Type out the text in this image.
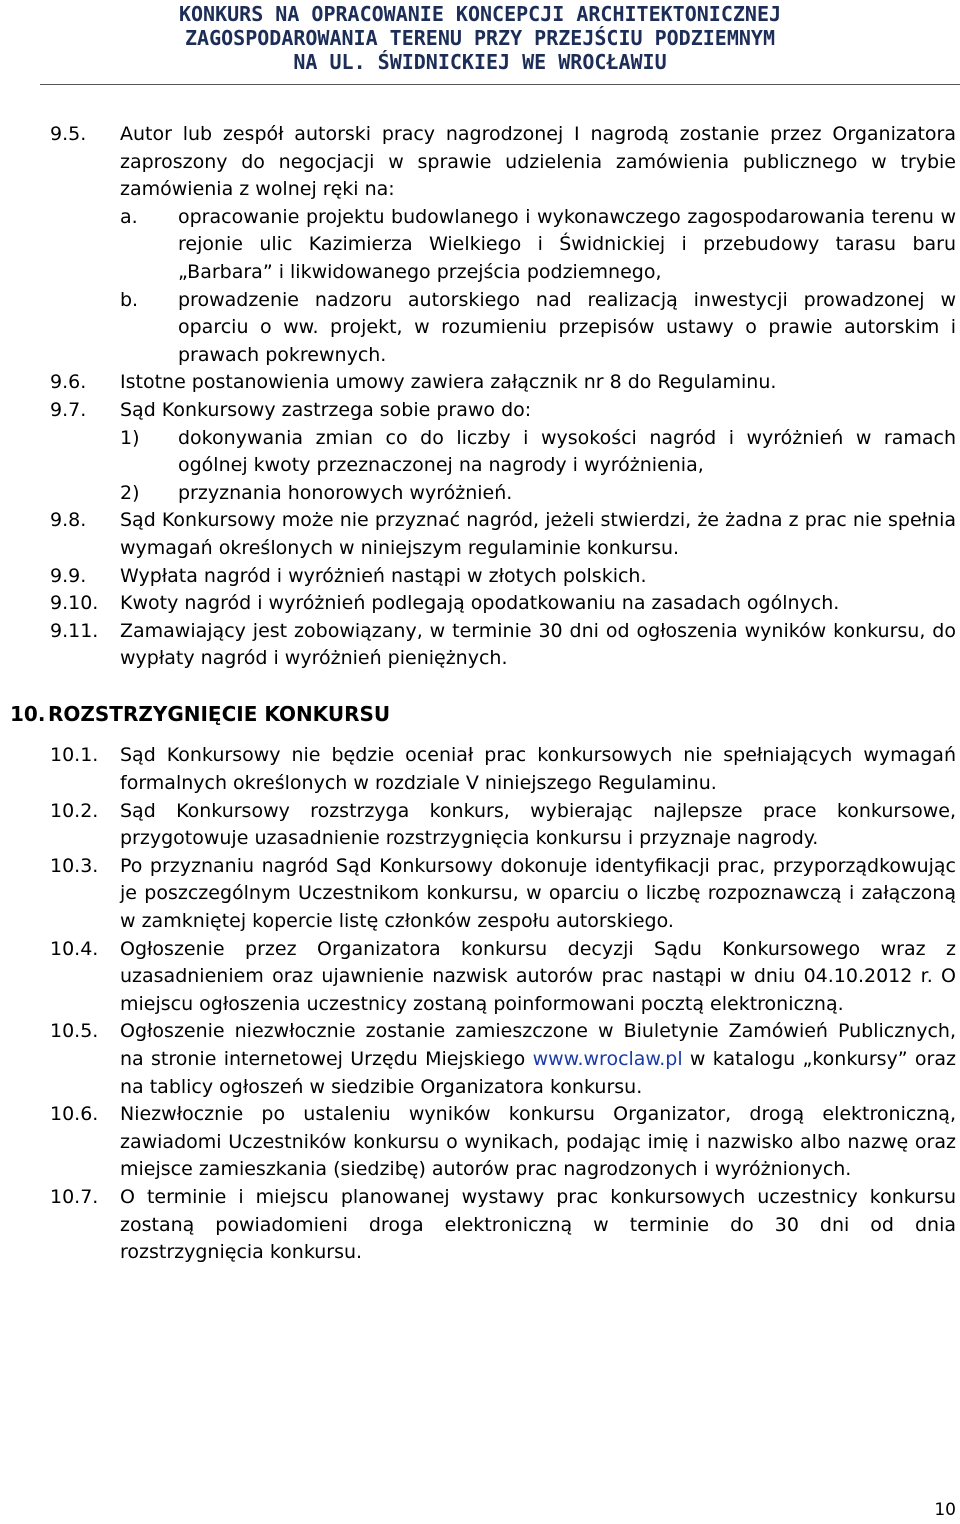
KONKURS NA OPRACOWANIE KONCEPCJI ARCHITEKTONICZNEJ
ZAGOSPODAROWANIA TERENU PRZY PRZEJŚCIU PODZIEMNYM
NA UL. ŚWIDNICKIEJ WE WROCŁAWIU
9.5. Autor lub zespół autorski pracy nagrodzonej I nagrodą zostanie przez Organizatora zaproszony do negocjacji w sprawie udzielenia zamówienia publicznego w trybie zamówienia z wolnej ręki na:
a. opracowanie projektu budowlanego i wykonawczego zagospodarowania terenu w rejonie ulic Kazimierza Wielkiego i Świdnickiej i przebudowy tarasu baru „Barbara” i likwidowanego przejścia podziemnego,
b. prowadzenie nadzoru autorskiego nad realizacją inwestycji prowadzonej w oparciu o ww. projekt, w rozumieniu przepisów ustawy o prawie autorskim i prawach pokrewnych.
9.6. Istotne postanowienia umowy zawiera załącznik nr 8 do Regulaminu.
9.7. Sąd Konkursowy zastrzega sobie prawo do:
1) dokonywania zmian co do liczby i wysokości nagród i wyróżnień w ramach ogólnej kwoty przeznaczonej na nagrody i wyróżnienia,
2) przyznania honorowych wyróżnień.
9.8. Sąd Konkursowy może nie przyznać nagród, jeżeli stwierdzi, że żadna z prac nie spełnia wymagań określonych w niniejszym regulaminie konkursu.
9.9. Wypłata nagród i wyróżnień nastąpi w złotych polskich.
9.10. Kwoty nagród i wyróżnień podlegają opodatkowaniu na zasadach ogólnych.
9.11. Zamawiający jest zobowiązany, w terminie 30 dni od ogłoszenia wyników konkursu, do wypłaty nagród i wyróżnień pieniężnych.
10. ROZSTRZYGNIĘCIE KONKURSU
10.1. Sąd Konkursowy nie będzie oceniał prac konkursowych nie spełniających wymagań formalnych określonych w rozdziale V niniejszego Regulaminu.
10.2. Sąd Konkursowy rozstrzyga konkurs, wybierając najlepsze prace konkursowe, przygotowuje uzasadnienie rozstrzygnięcia konkursu i przyznaje nagrody.
10.3. Po przyznaniu nagród Sąd Konkursowy dokonuje identyfikacji prac, przyporządkowując je poszczególnym Uczestnikom konkursu, w oparciu o liczbę rozpoznawczą i załączoną w zamkniętej kopercie listę członków zespołu autorskiego.
10.4. Ogłoszenie przez Organizatora konkursu decyzji Sądu Konkursowego wraz z uzasadnieniem oraz ujawnienie nazwisk autorów prac nastąpi w dniu 04.10.2012 r. O miejscu ogłoszenia uczestnicy zostaną poinformowani pocztą elektroniczną.
10.5. Ogłoszenie niezwłocznie zostanie zamieszczone w Biuletynie Zamówień Publicznych, na stronie internetowej Urzędu Miejskiego www.wroclaw.pl w katalogu „konkursy” oraz na tablicy ogłoszeń w siedzibie Organizatora konkursu.
10.6. Niezwłocznie po ustaleniu wyników konkursu Organizator, drogą elektroniczną, zawiadomi Uczestników konkursu o wynikach, podając imię i nazwisko albo nazwę oraz miejsce zamieszkania (siedzibę) autorów prac nagrodzonych i wyróżnionych.
10.7. O terminie i miejscu planowanej wystawy prac konkursowych uczestnicy konkursu zostaną powiadomieni droga elektroniczną w terminie do 30 dni od dnia rozstrzygnięcia konkursu.
10
